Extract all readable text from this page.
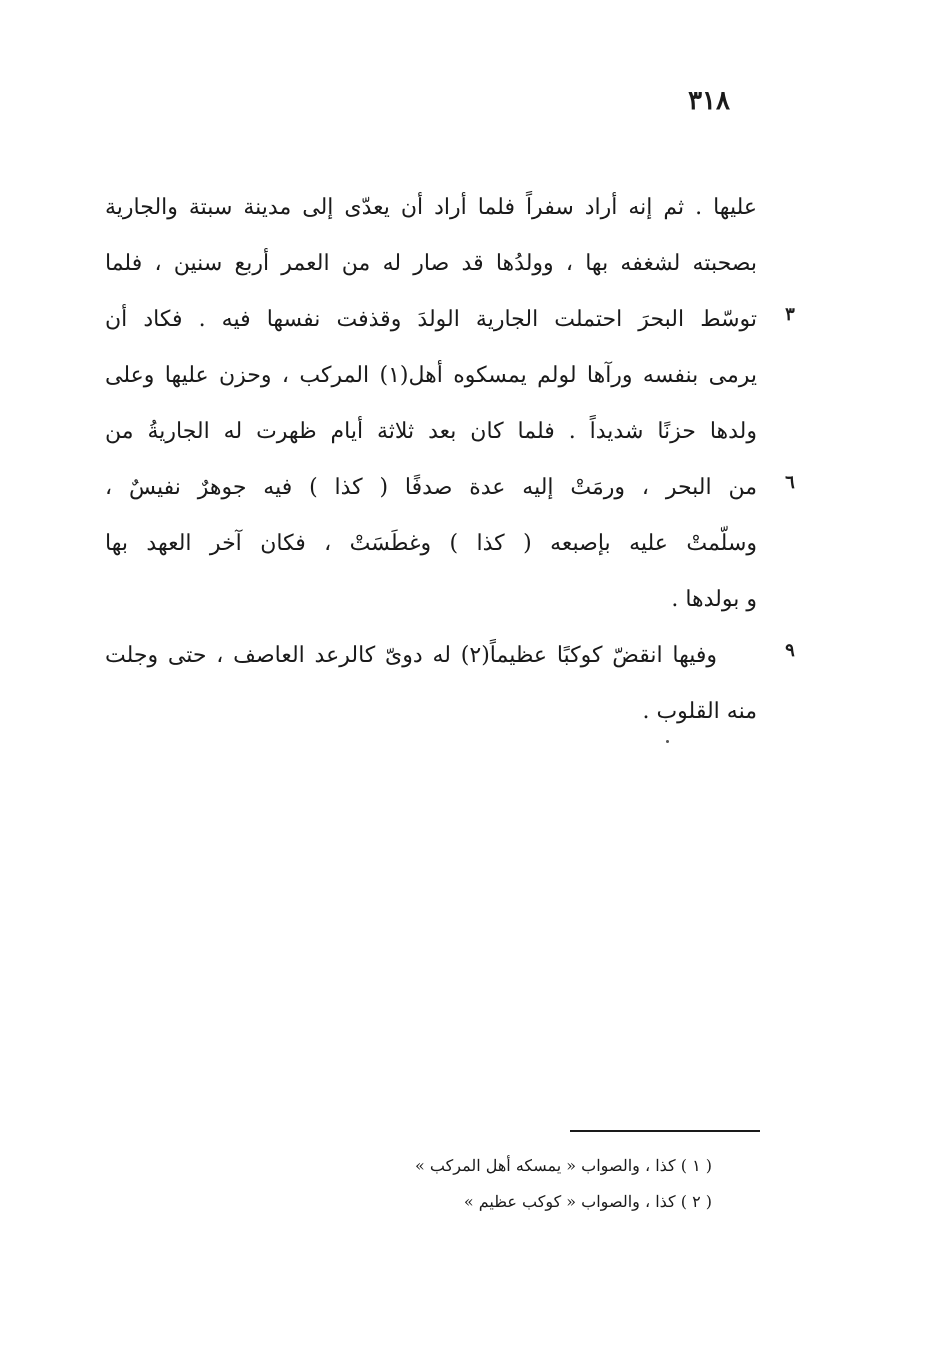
٣١٨
عليها . ثم إنه أراد سفراً فلما أراد أن يعدّى إلى مدينة سبتة والجارية
بصحبته لشغفه بها ، وولدُها قد صار له من العمر أربع سنين ، فلما
توسّط البحرَ احتملت الجارية الولدَ وقذفت نفسها فيه . فكاد أن
يرمى بنفسه ورآها لولم يمسكوه أهل(١) المركب ، وحزن عليها وعلى
ولدها حزنًا شديداً . فلما كان بعد ثلاثة أيام ظهرت له الجاريةُ من
من البحر ، ورمَتْ إليه عدة صدفًا ( كذا ) فيه جوهرٌ نفيسٌ ،
وسلّمتْ عليه بإصبعه ( كذا ) وغطَسَتْ ، فكان آخر العهد بها
و بولدها .
وفيها انقضّ كوكبًا عظيماً(٢) له دوىّ كالرعد العاصف ، حتى وجلت
منه القلوب .
٣
٦
٩
( ١ ) كذا ، والصواب « يمسكه أهل المركب »
( ٢ ) كذا ، والصواب « كوكب عظيم »
